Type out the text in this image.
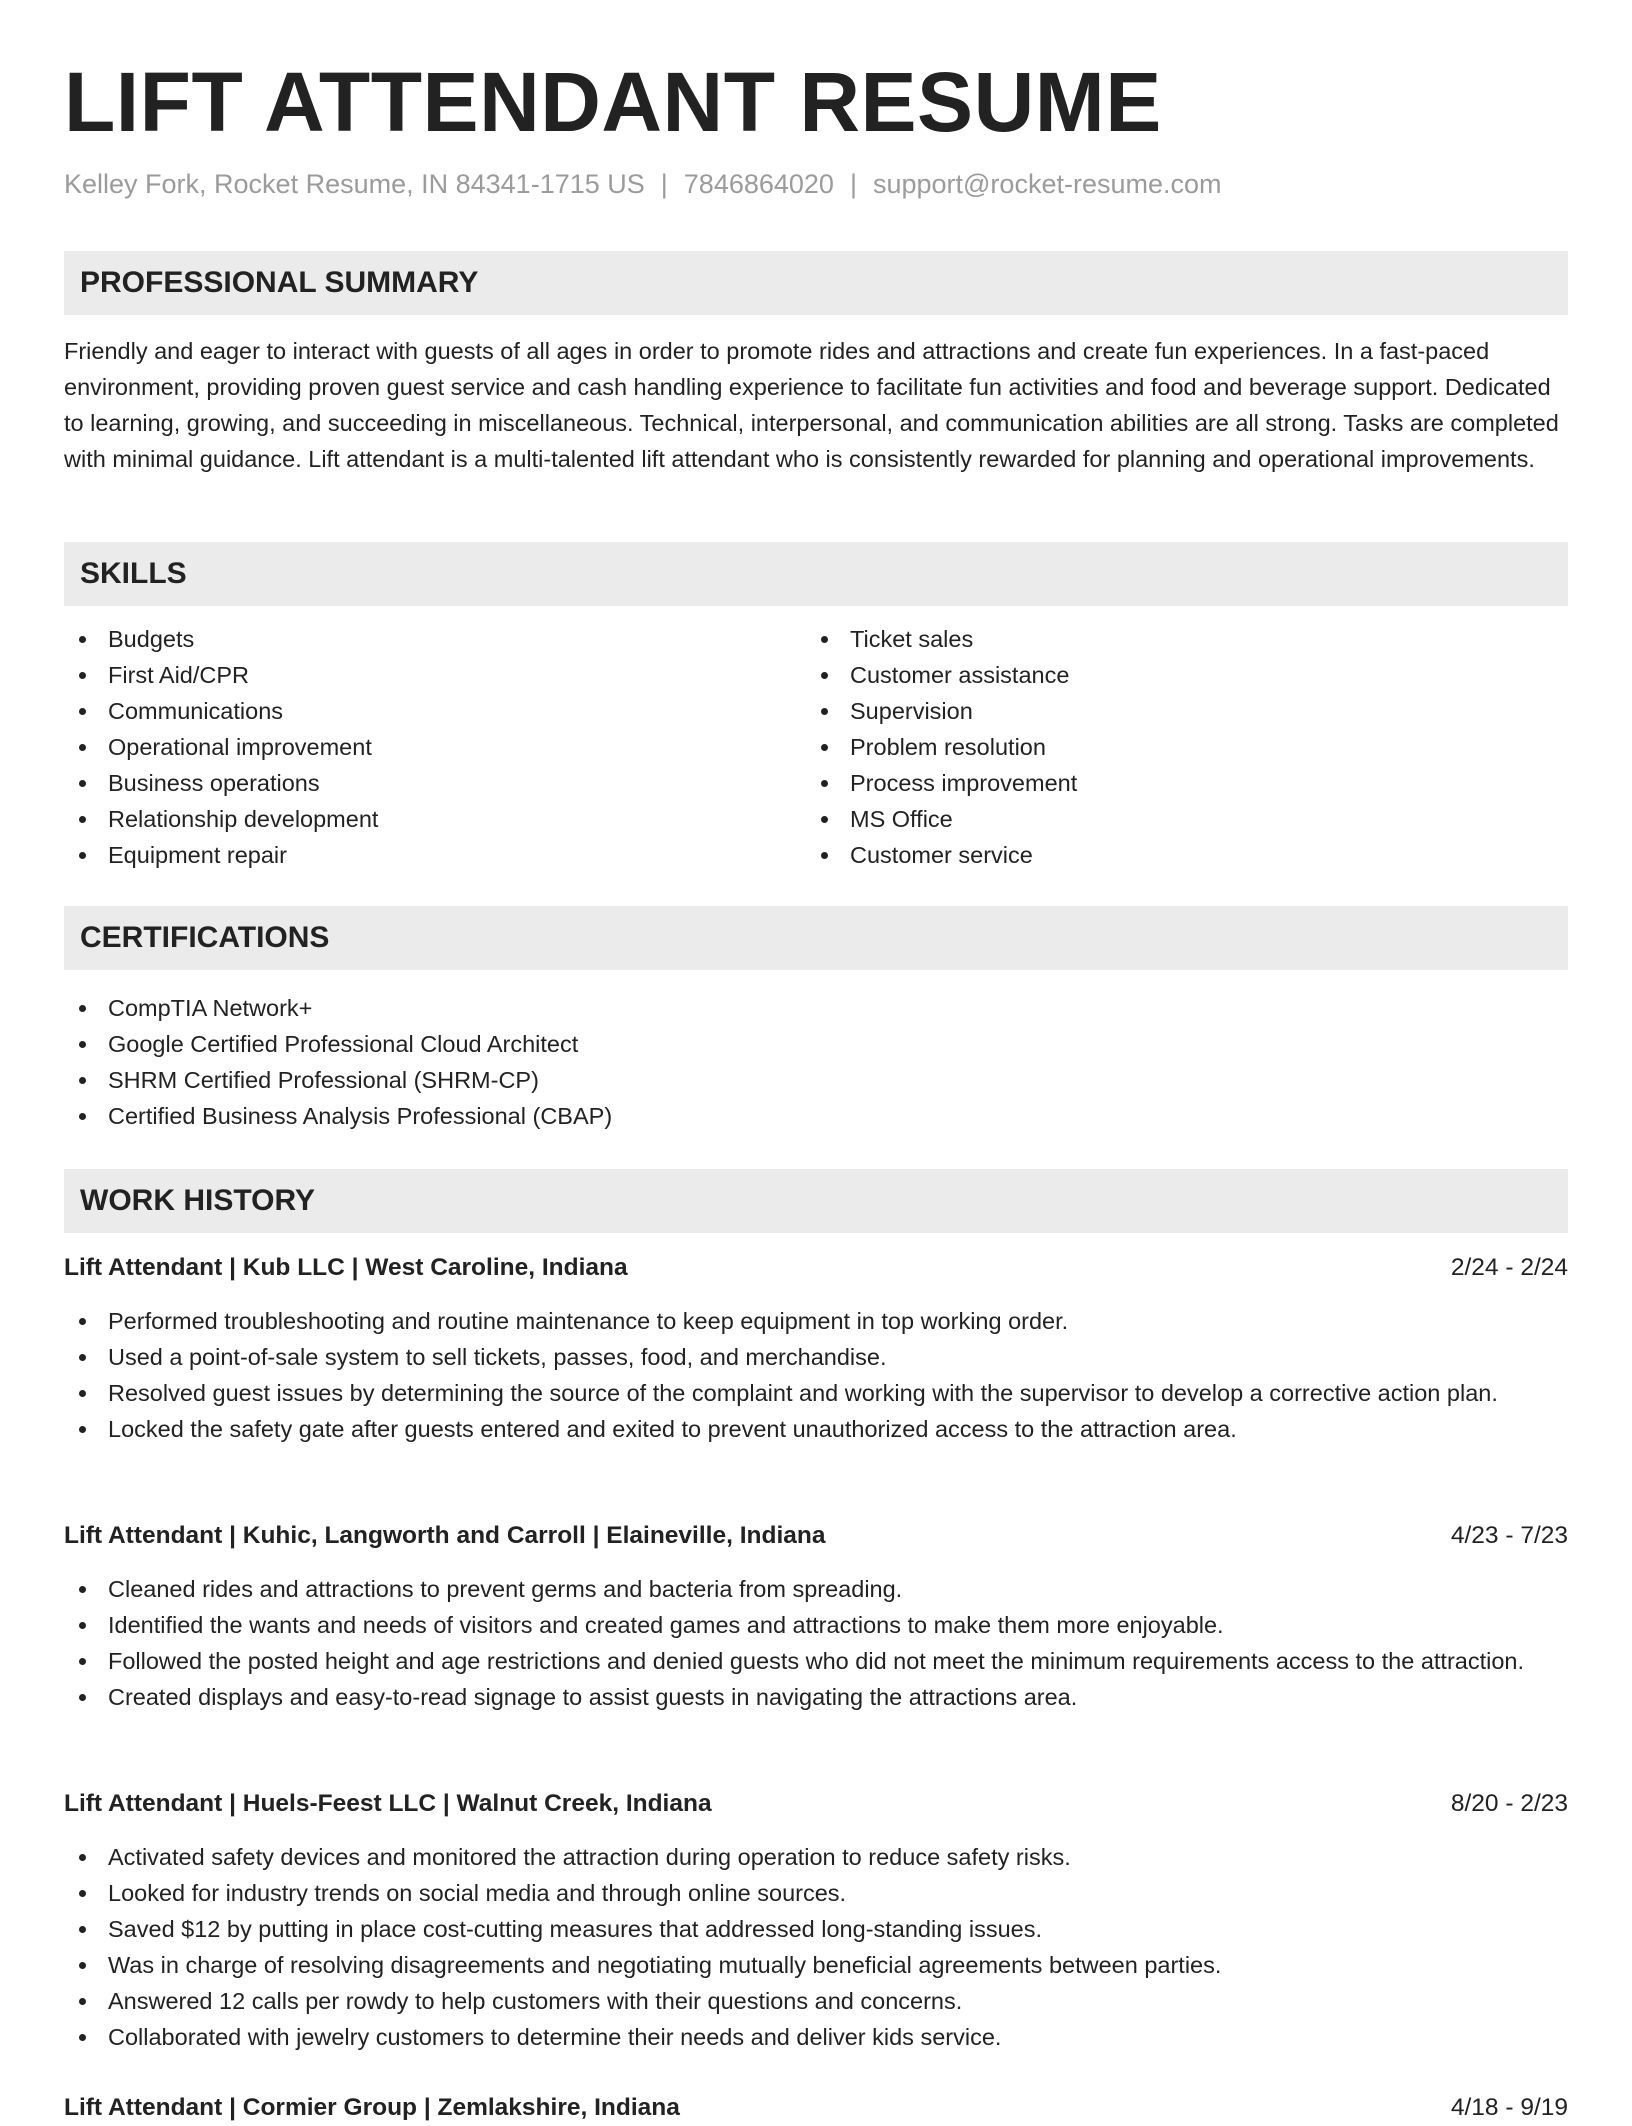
LIFT ATTENDANT RESUME
Kelley Fork, Rocket Resume, IN 84341-1715 US | 7846864020 | support@rocket-resume.com
PROFESSIONAL SUMMARY

Friendly and eager to interact with guests of all ages in order to promote rides and attractions and create fun experiences. In a fast-paced environment, providing proven guest service and cash handling experience to facilitate fun activities and food and beverage support. Dedicated to learning, growing, and succeeding in miscellaneous. Technical, interpersonal, and communication abilities are all strong. Tasks are completed with minimal guidance. Lift attendant is a multi-talented lift attendant who is consistently rewarded for planning and operational improvements.

SKILLS
Budgets
First Aid/CPR
Communications
Operational improvement
Business operations
Relationship development
Equipment repair
Ticket sales
Customer assistance
Supervision
Problem resolution
Process improvement
MS Office
Customer service
CERTIFICATIONS
CompTIA Network+
Google Certified Professional Cloud Architect
SHRM Certified Professional (SHRM-CP)
Certified Business Analysis Professional (CBAP)
WORK HISTORY
Lift Attendant | Kub LLC | West Caroline, Indiana	2/24 - 2/24
Performed troubleshooting and routine maintenance to keep equipment in top working order.
Used a point-of-sale system to sell tickets, passes, food, and merchandise.
Resolved guest issues by determining the source of the complaint and working with the supervisor to develop a corrective action plan.
Locked the safety gate after guests entered and exited to prevent unauthorized access to the attraction area.
Lift Attendant | Kuhic, Langworth and Carroll | Elaineville, Indiana	4/23 - 7/23
Cleaned rides and attractions to prevent germs and bacteria from spreading.
Identified the wants and needs of visitors and created games and attractions to make them more enjoyable.
Followed the posted height and age restrictions and denied guests who did not meet the minimum requirements access to the attraction.
Created displays and easy-to-read signage to assist guests in navigating the attractions area.
Lift Attendant | Huels-Feest LLC | Walnut Creek, Indiana	8/20 - 2/23
Activated safety devices and monitored the attraction during operation to reduce safety risks.
Looked for industry trends on social media and through online sources.
Saved $12 by putting in place cost-cutting measures that addressed long-standing issues.
Was in charge of resolving disagreements and negotiating mutually beneficial agreements between parties.
Answered 12 calls per rowdy to help customers with their questions and concerns.
Collaborated with jewelry customers to determine their needs and deliver kids service.
Lift Attendant | Cormier Group | Zemlakshire, Indiana	4/18 - 9/19
